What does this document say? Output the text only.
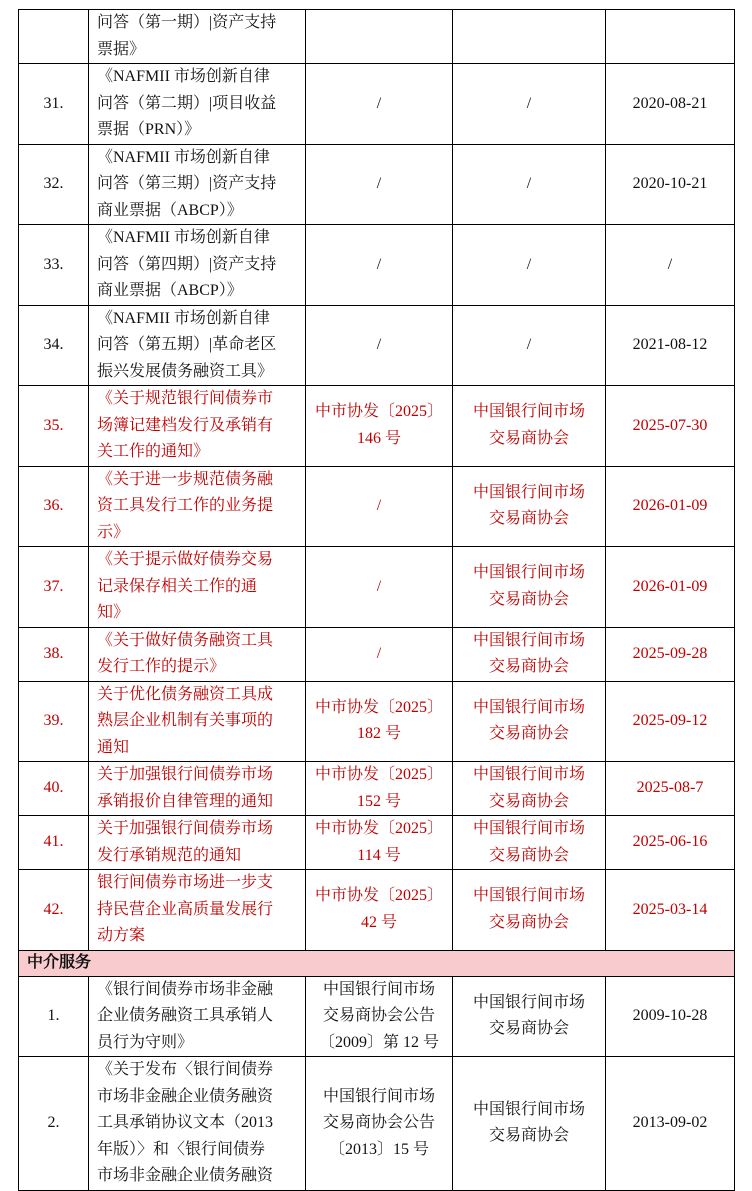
	问答（第一期）|资产支持
票据》			

31.	《NAFMII 市场创新自律
问答（第二期）|项目收益
票据（PRN）》	/	/	2020-08-21
32.	《NAFMII 市场创新自律
问答（第三期）|资产支持
商业票据（ABCP）》	/	/	2020-10-21
33.	《NAFMII 市场创新自律
问答（第四期）|资产支持
商业票据（ABCP）》	/	/	/
34.	《NAFMII 市场创新自律
问答（第五期）|革命老区
振兴发展债务融资工具》	/	/	2021-08-12
35.	《关于规范银行间债券市
场簿记建档发行及承销有
关工作的通知》	中市协发〔2025〕
146 号	中国银行间市场
交易商协会	2025-07-30
36.	《关于进一步规范债务融
资工具发行工作的业务提
示》	/	中国银行间市场
交易商协会	2026-01-09
37.	《关于提示做好债券交易
记录保存相关工作的通
知》	/	中国银行间市场
交易商协会	2026-01-09
38.	《关于做好债务融资工具
发行工作的提示》	/	中国银行间市场
交易商协会	2025-09-28
39.	关于优化债务融资工具成
熟层企业机制有关事项的
通知	中市协发〔2025〕
182 号	中国银行间市场
交易商协会	2025-09-12
40.	关于加强银行间债券市场
承销报价自律管理的通知	中市协发〔2025〕
152 号	中国银行间市场
交易商协会	2025-08-7
41.	关于加强银行间债券市场
发行承销规范的通知	中市协发〔2025〕
114 号	中国银行间市场
交易商协会	2025-06-16
42.	银行间债券市场进一步支
持民营企业高质量发展行
动方案	中市协发〔2025〕
42 号	中国银行间市场
交易商协会	2025-03-14
中介服务				
1.	《银行间债券市场非金融
企业债务融资工具承销人
员行为守则》	中国银行间市场
交易商协会公告
〔2009〕第 12 号	中国银行间市场
交易商协会	2009-10-28
2.	《关于发布〈银行间债券
市场非金融企业债务融资
工具承销协议文本（2013
年版）〉和〈银行间债券
市场非金融企业债务融资	中国银行间市场
交易商协会公告
〔2013〕15 号	中国银行间市场
交易商协会	2013-09-02
